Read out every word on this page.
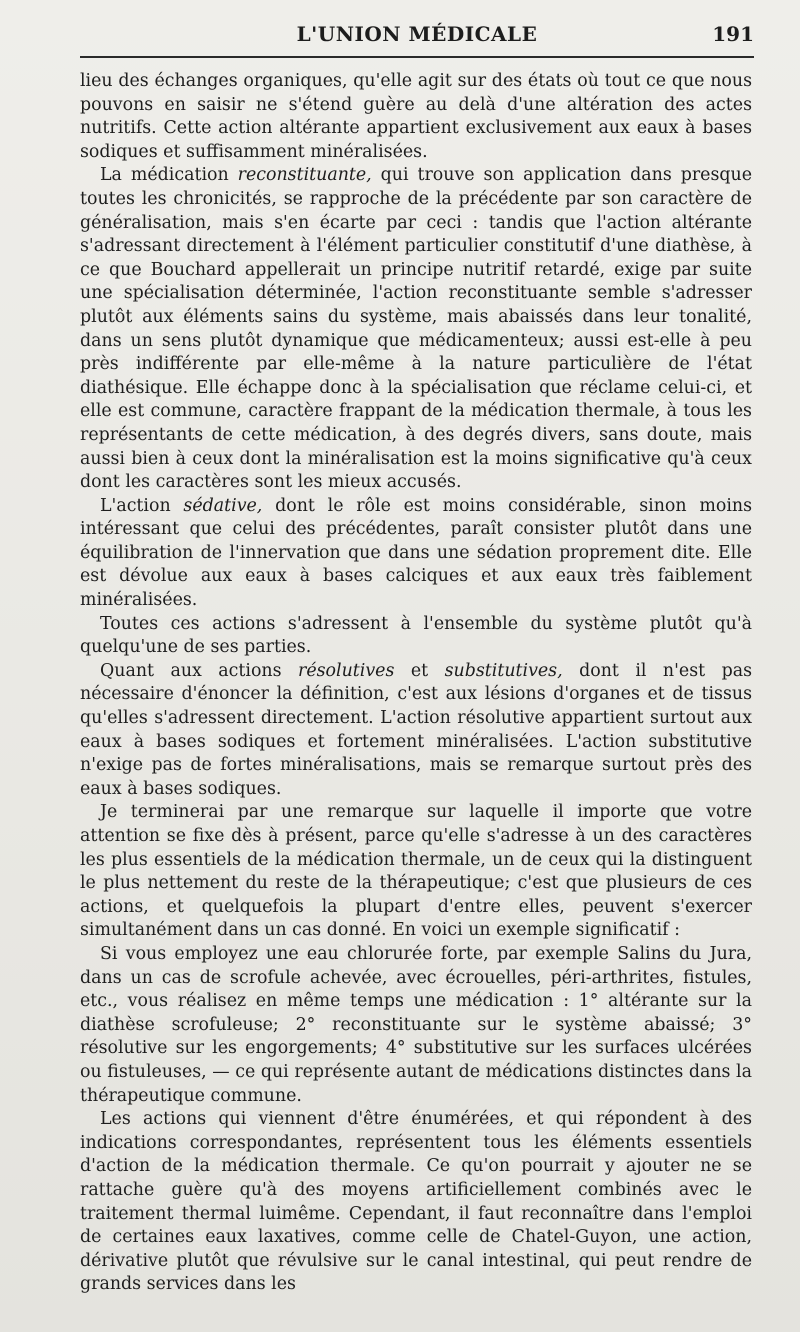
L'UNION MÉDICALE	191

lieu des échanges organiques, qu'elle agit sur des états où tout ce que nous pouvons en saisir ne s'étend guère au delà d'une altération des actes nutritifs. Cette action altérante appartient exclusivement aux eaux à bases sodiques et suffisamment minéralisées.

La médication reconstituante, qui trouve son application dans presque toutes les chronicités, se rapproche de la précédente par son caractère de généralisation, mais s'en écarte par ceci : tandis que l'action altérante s'adressant directement à l'élément particulier constitutif d'une diathèse, à ce que Bouchard appellerait un principe nutritif retardé, exige par suite une spécialisation déterminée, l'action reconstituante semble s'adresser plutôt aux éléments sains du système, mais abaissés dans leur tonalité, dans un sens plutôt dynamique que médicamenteux; aussi est-elle à peu près indifférente par elle-même à la nature particulière de l'état diathésique. Elle échappe donc à la spécialisation que réclame celui-ci, et elle est commune, caractère frappant de la médication thermale, à tous les représentants de cette médication, à des degrés divers, sans doute, mais aussi bien à ceux dont la minéralisation est la moins significative qu'à ceux dont les caractères sont les mieux accusés.

L'action sédative, dont le rôle est moins considérable, sinon moins intéressant que celui des précédentes, paraît consister plutôt dans une équilibration de l'innervation que dans une sédation proprement dite. Elle est dévolue aux eaux à bases calciques et aux eaux très faiblement minéralisées.

Toutes ces actions s'adressent à l'ensemble du système plutôt qu'à quelqu'une de ses parties.

Quant aux actions résolutives et substitutives, dont il n'est pas nécessaire d'énoncer la définition, c'est aux lésions d'organes et de tissus qu'elles s'adressent directement. L'action résolutive appartient surtout aux eaux à bases sodiques et fortement minéralisées. L'action substitutive n'exige pas de fortes minéralisations, mais se remarque surtout près des eaux à bases sodiques.

Je terminerai par une remarque sur laquelle il importe que votre attention se fixe dès à présent, parce qu'elle s'adresse à un des caractères les plus essentiels de la médication thermale, un de ceux qui la distinguent le plus nettement du reste de la thérapeutique; c'est que plusieurs de ces actions, et quelquefois la plupart d'entre elles, peuvent s'exercer simultanément dans un cas donné. En voici un exemple significatif :

Si vous employez une eau chlorurée forte, par exemple Salins du Jura, dans un cas de scrofule achevée, avec écrouelles, péri-arthrites, fistules, etc., vous réalisez en même temps une médication : 1° altérante sur la diathèse scrofuleuse; 2° reconstituante sur le système abaissé; 3° résolutive sur les engorgements; 4° substitutive sur les surfaces ulcérées ou fistuleuses, — ce qui représente autant de médications distinctes dans la thérapeutique commune.

Les actions qui viennent d'être énumérées, et qui répondent à des indications correspondantes, représentent tous les éléments essentiels d'action de la médication thermale. Ce qu'on pourrait y ajouter ne se rattache guère qu'à des moyens artificiellement combinés avec le traitement thermal luimême. Cependant, il faut reconnaître dans l'emploi de certaines eaux laxatives, comme celle de Chatel-Guyon, une action, dérivative plutôt que révulsive sur le canal intestinal, qui peut rendre de grands services dans les
